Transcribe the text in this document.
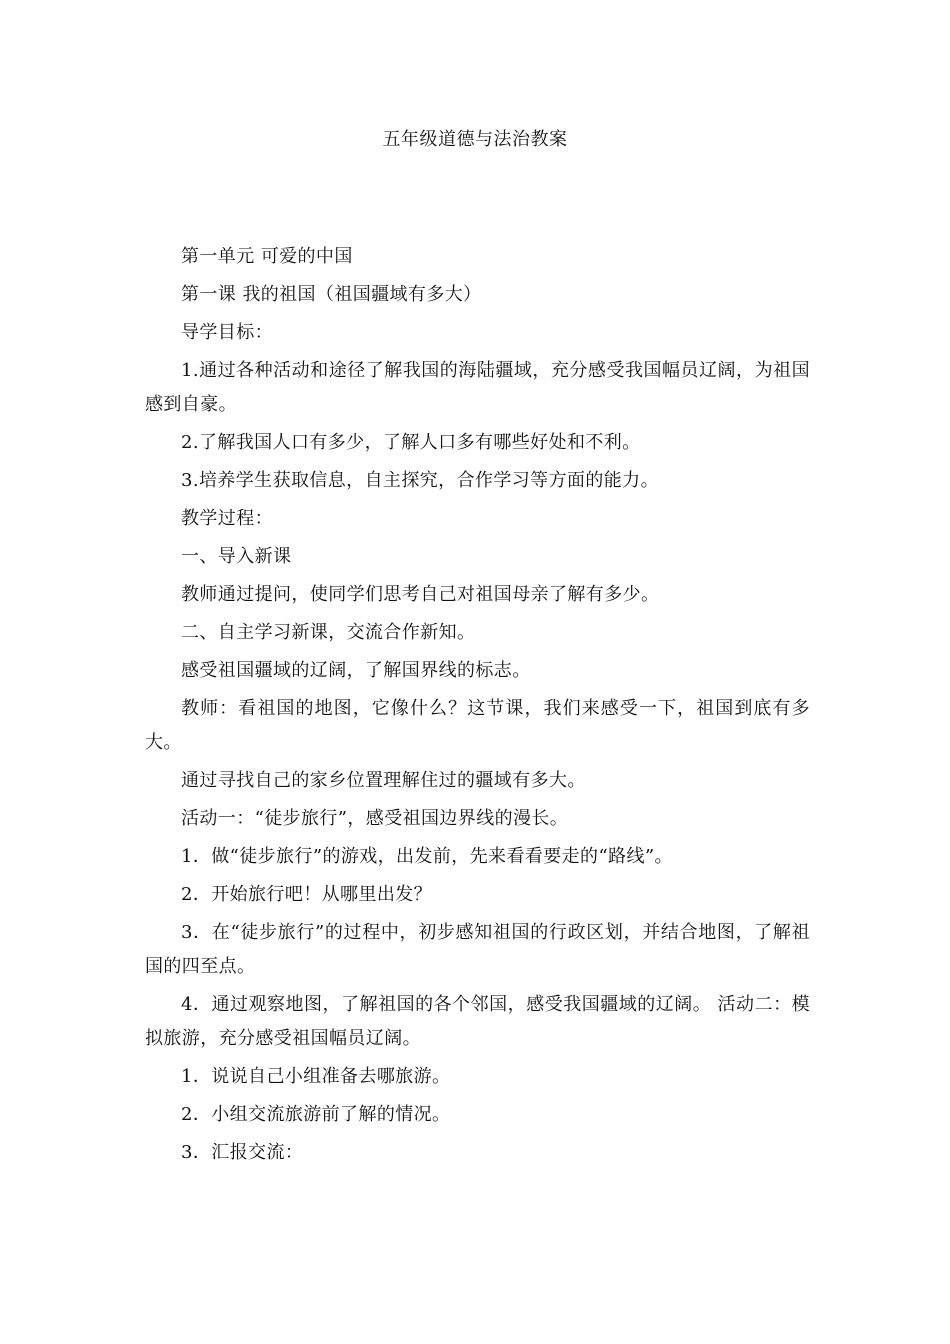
五年级道德与法治教案

第一单元 可爱的中国

第一课 我的祖国（祖国疆域有多大）

导学目标：

1.通过各种活动和途径了解我国的海陆疆域，充分感受我国幅员辽阔，为祖国感到自豪。

2.了解我国人口有多少，了解人口多有哪些好处和不利。

3.培养学生获取信息，自主探究，合作学习等方面的能力。

教学过程：

一、导入新课

教师通过提问，使同学们思考自己对祖国母亲了解有多少。

二、自主学习新课，交流合作新知。

感受祖国疆域的辽阔，了解国界线的标志。

教师：看祖国的地图，它像什么？这节课，我们来感受一下，祖国到底有多大。

通过寻找自己的家乡位置理解住过的疆域有多大。

活动一：“徒步旅行”，感受祖国边界线的漫长。

1．做“徒步旅行”的游戏，出发前，先来看看要走的“路线”。

2．开始旅行吧！从哪里出发？

3．在“徒步旅行”的过程中，初步感知祖国的行政区划，并结合地图，了解祖国的四至点。

4．通过观察地图，了解祖国的各个邻国，感受我国疆域的辽阔。 活动二：模拟旅游，充分感受祖国幅员辽阔。

1．说说自己小组准备去哪旅游。

2．小组交流旅游前了解的情况。

3．汇报交流：
